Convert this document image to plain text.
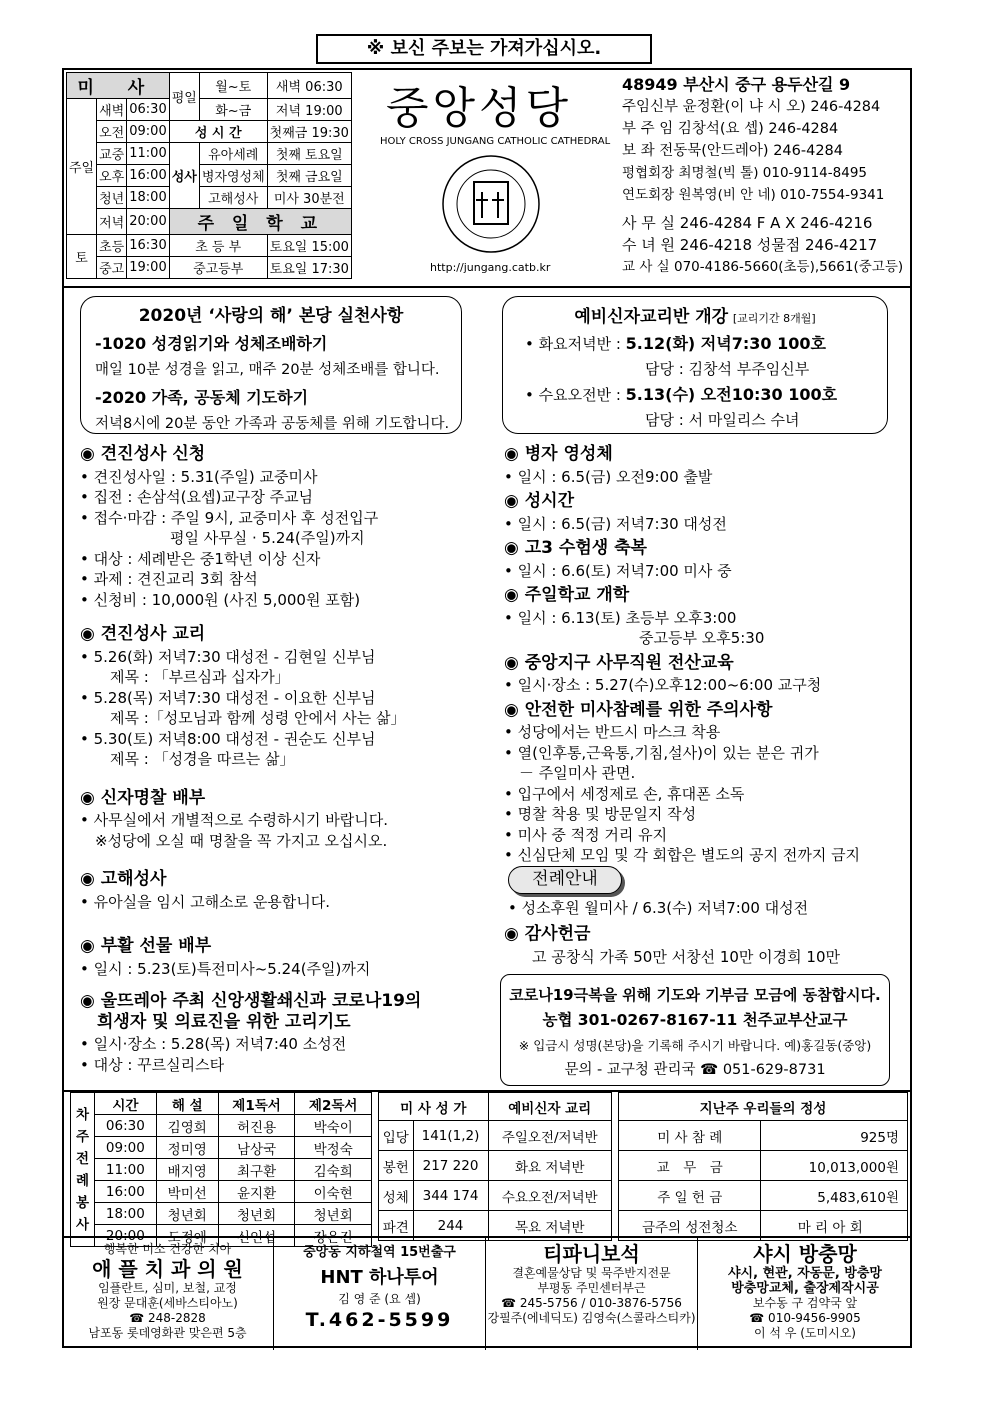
※ 보신 주보는 가져가십시오.
미 사			평일	월~토	새벽 06:30
주일	새벽	06:30		화~금	저녁 19:00
	오전	09:00	성 시 간		첫째금 19:30
	교중	11:00	성사	유아세례	첫째 토요일
	오후	16:00		병자영성체	첫째 금요일
	청년	18:00		고해성사	미사 30분전
	저녁	20:00	주 일 학 교		
토	초등	16:30	초 등 부		토요일 15:00
	중고	19:00	중고등부		토요일 17:30
중앙성당
HOLY CROSS JUNGANG CATHOLIC CATHEDRAL
http://jungang.catb.kr
48949 부산시 중구 용두산길 9
주임신부 윤정환(이 냐 시 오) 246-4284
부 주 임 김창석(요 셉) 246-4284
보 좌 전동묵(안드레아) 246-4284
평협회장 최명철(빅 톨) 010-9114-8495
연도회장 원복영(비 안 네) 010-7554-9341
사 무 실 246-4284 F A X 246-4216
수 녀 원 246-4218 성물점 246-4217
교 사 실 070-4186-5660(초등),5661(중고등)
2020년 ‘사랑의 해’ 본당 실천사항
-1020 성경읽기와 성체조배하기
매일 10분 성경을 읽고, 매주 20분 성체조배를 합니다.
-2020 가족, 공동체 기도하기
저녁8시에 20분 동안 가족과 공동체를 위해 기도합니다.
예비신자교리반 개강 [교리기간 8개월]
• 화요저녁반 : 5.12(화) 저녁7:30 100호
담당 : 김창석 부주임신부
• 수요오전반 : 5.13(수) 오전10:30 100호
담당 : 서 마일리스 수녀
◉ 견진성사 신청
• 견진성사일 : 5.31(주일) 교중미사
• 집전 : 손삼석(요셉)교구장 주교님
• 접수·마감 : 주일 9시, 교중미사 후 성전입구
　　　　　　평일 사무실 · 5.24(주일)까지
• 대상 : 세례받은 중1학년 이상 신자
• 과제 : 견진교리 3회 참석
• 신청비 : 10,000원 (사진 5,000원 포함)
◉ 견진성사 교리
• 5.26(화) 저녁7:30 대성전 - 김현일 신부님
　　제목 : 「부르심과 십자가」
• 5.28(목) 저녁7:30 대성전 - 이요한 신부님
　　제목 :「성모님과 함께 성령 안에서 사는 삶」
• 5.30(토) 저녁8:00 대성전 - 권순도 신부님
　　제목 : 「성경을 따르는 삶」
◉ 신자명찰 배부
• 사무실에서 개별적으로 수령하시기 바랍니다.
　※성당에 오실 때 명찰을 꼭 가지고 오십시오.
◉ 고해성사
• 유아실을 임시 고해소로 운용합니다.
◉ 부활 선물 배부
• 일시 : 5.23(토)특전미사~5.24(주일)까지
◉ 울뜨레아 주최 신앙생활쇄신과 코로나19의
　희생자 및 의료진을 위한 고리기도
• 일시·장소 : 5.28(목) 저녁7:40 소성전
• 대상 : 꾸르실리스타
◉ 병자 영성체
• 일시 : 6.5(금) 오전9:00 출발
◉ 성시간
• 일시 : 6.5(금) 저녁7:30 대성전
◉ 고3 수험생 축복
• 일시 : 6.6(토) 저녁7:00 미사 중
◉ 주일학교 개학
• 일시 : 6.13(토) 초등부 오후3:00
　　　　　　　　　중고등부 오후5:30
◉ 중앙지구 사무직원 전산교육
• 일시·장소 : 5.27(수)오후12:00~6:00 교구청
◉ 안전한 미사참례를 위한 주의사항
• 성당에서는 반드시 마스크 착용
• 열(인후통,근육통,기침,설사)이 있는 분은 귀가
　－ 주일미사 관면.
• 입구에서 세정제로 손, 휴대폰 소독
• 명찰 착용 및 방문일지 작성
• 미사 중 적정 거리 유지
• 신심단체 모임 및 각 회합은 별도의 공지 전까지 금지
전례안내
• 성소후원 월미사 / 6.3(수) 저녁7:00 대성전
◉ 감사헌금
고 공창식 가족 50만 서창선 10만 이경희 10만
코로나19극복을 위해 기도와 기부금 모금에 동참합시다.
농협 301-0267-8167-11 천주교부산교구
※ 입금시 성명(본당)을 기록해 주시기 바랍니다. 예)홍길동(중앙)
문의 - 교구청 관리국 ☎ 051-629-8731
차주전례봉사	시간	해 설	제1독서	제2독서
	06:30	김영희	허진용	박숙이
	09:00	정미영	남상국	박정숙
	11:00	배지영	최구환	김숙희
	16:00	박미선	윤지환	이숙현
	18:00	청년회	청년회	청년회
	20:00	도정애	신인섭	장은진
미 사 성 가		예비신자 교리
입당	141(1,2)	주일오전/저녁반
봉헌	217 220	화요 저녁반
성체	344 174	수요오전/저녁반
파견	244	목요 저녁반
지난주 우리들의 정성	
미 사 참 례	925명
교　무　금	10,013,000원
주 일 헌 금	5,483,610원
금주의 성전청소	마 리 아 회
행복한 미소 건강한 치아
애 플 치 과 의 원
임플란트, 심미, 보철, 교정
원장 문대훈(세바스티아노)
☎ 248-2828
남포동 롯데영화관 맞은편 5층
중앙동 지하철역 15번출구
HNT 하나투어
김 영 준 (요 셉)
T.462-5599
티파니보석
결혼예물상담 및 묵주반지전문
부평동 주민센터부근
☎ 245-5756 / 010-3876-5756
강필주(에네딕도) 김영숙(스콜라스티카)
샤시 방충망
샤시, 현관, 자동문, 방충망
방충망교체, 출장제작시공
보수동 구 검약국 앞
☎ 010-9456-9905
이 석 우 (도미시오)
